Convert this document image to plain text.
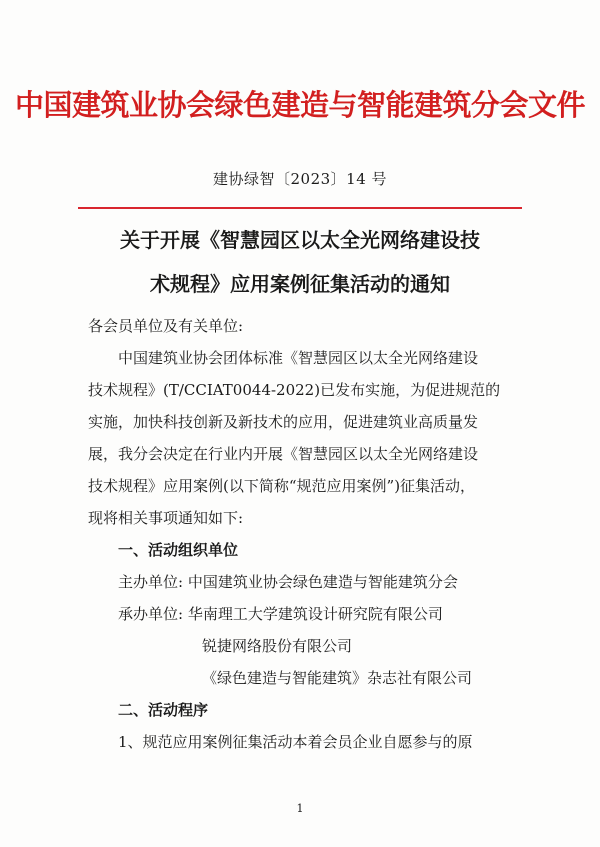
中国建筑业协会绿色建造与智能建筑分会文件
建协绿智〔2023〕14 号
关于开展《智慧园区以太全光网络建设技
术规程》应用案例征集活动的通知
各会员单位及有关单位:
中国建筑业协会团体标准《智慧园区以太全光网络建设
技术规程》(T/CCIAT0044-2022)已发布实施，为促进规范的
实施，加快科技创新及新技术的应用，促进建筑业高质量发
展，我分会决定在行业内开展《智慧园区以太全光网络建设
技术规程》应用案例(以下简称“规范应用案例”)征集活动，
现将相关事项通知如下:
一、活动组织单位
主办单位: 中国建筑业协会绿色建造与智能建筑分会
承办单位: 华南理工大学建筑设计研究院有限公司
锐捷网络股份有限公司
《绿色建造与智能建筑》杂志社有限公司
二、活动程序
1、规范应用案例征集活动本着会员企业自愿参与的原
1
